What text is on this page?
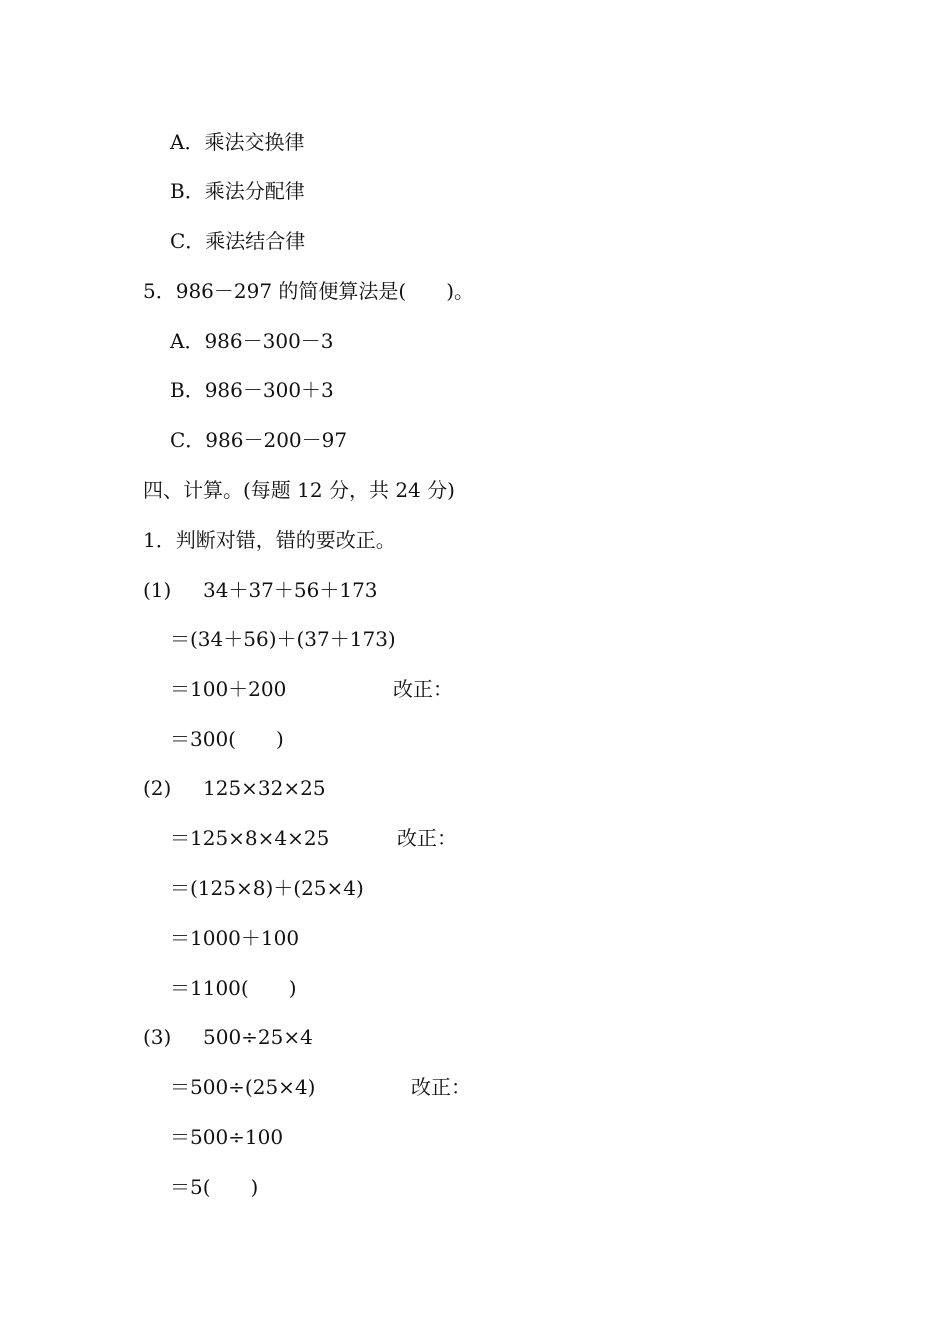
A．乘法交换律
B．乘法分配律
C．乘法结合律
5．986－297 的简便算法是(　　)。
A．986－300－3
B．986－300＋3
C．986－200－97
四、计算。(每题 12 分，共 24 分)
1．判断对错，错的要改正。
(1) 34＋37＋56＋173
＝(34＋56)＋(37＋173)
＝100＋200	改正：
＝300(　　)
(2) 125×32×25
＝125×8×4×25	改正：
＝(125×8)＋(25×4)
＝1000＋100
＝1100(　　)
(3) 500÷25×4
＝500÷(25×4)	改正：
＝500÷100
＝5(　　)
